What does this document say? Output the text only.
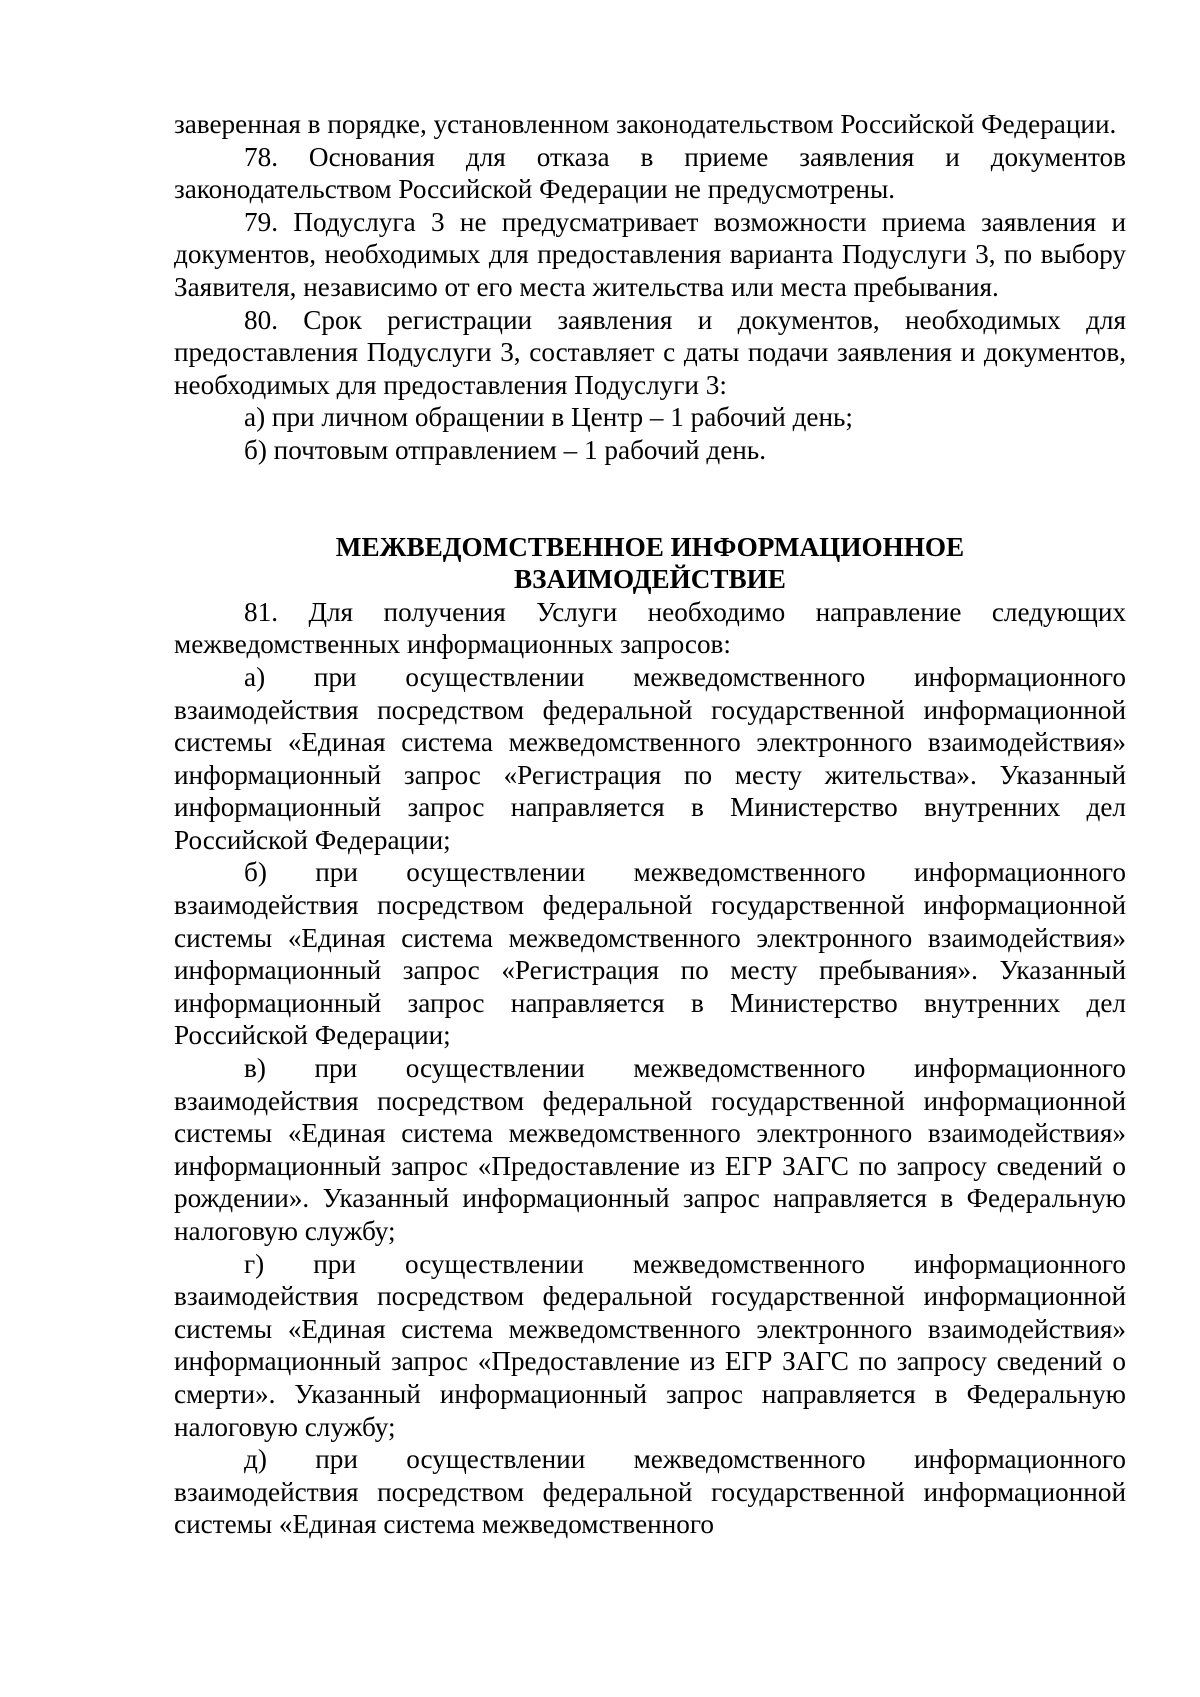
заверенная в порядке, установленном законодательством Российской Федерации.

78. Основания для отказа в приеме заявления и документов законодательством Российской Федерации не предусмотрены.

79. Подуслуга 3 не предусматривает возможности приема заявления и документов, необходимых для предоставления варианта Подуслуги 3, по выбору Заявителя, независимо от его места жительства или места пребывания.

80. Срок регистрации заявления и документов, необходимых для предоставления Подуслуги 3, составляет с даты подачи заявления и документов, необходимых для предоставления Подуслуги 3:

а) при личном обращении в Центр – 1 рабочий день;

б) почтовым отправлением – 1 рабочий день.

МЕЖВЕДОМСТВЕННОЕ ИНФОРМАЦИОННОЕ
ВЗАИМОДЕЙСТВИЕ

81. Для получения Услуги необходимо направление следующих межведомственных информационных запросов:

а) при осуществлении межведомственного информационного взаимодействия посредством федеральной государственной информационной системы «Единая система межведомственного электронного взаимодействия» информационный запрос «Регистрация по месту жительства». Указанный информационный запрос направляется в Министерство внутренних дел Российской Федерации;

б) при осуществлении межведомственного информационного взаимодействия посредством федеральной государственной информационной системы «Единая система межведомственного электронного взаимодействия» информационный запрос «Регистрация по месту пребывания». Указанный информационный запрос направляется в Министерство внутренних дел Российской Федерации;

в) при осуществлении межведомственного информационного взаимодействия посредством федеральной государственной информационной системы «Единая система межведомственного электронного взаимодействия» информационный запрос «Предоставление из ЕГР ЗАГС по запросу сведений о рождении». Указанный информационный запрос направляется в Федеральную налоговую службу;

г) при осуществлении межведомственного информационного взаимодействия посредством федеральной государственной информационной системы «Единая система межведомственного электронного взаимодействия» информационный запрос «Предоставление из ЕГР ЗАГС по запросу сведений о смерти». Указанный информационный запрос направляется в Федеральную налоговую службу;

д) при осуществлении межведомственного информационного взаимодействия посредством федеральной государственной информационной системы «Единая система межведомственного
